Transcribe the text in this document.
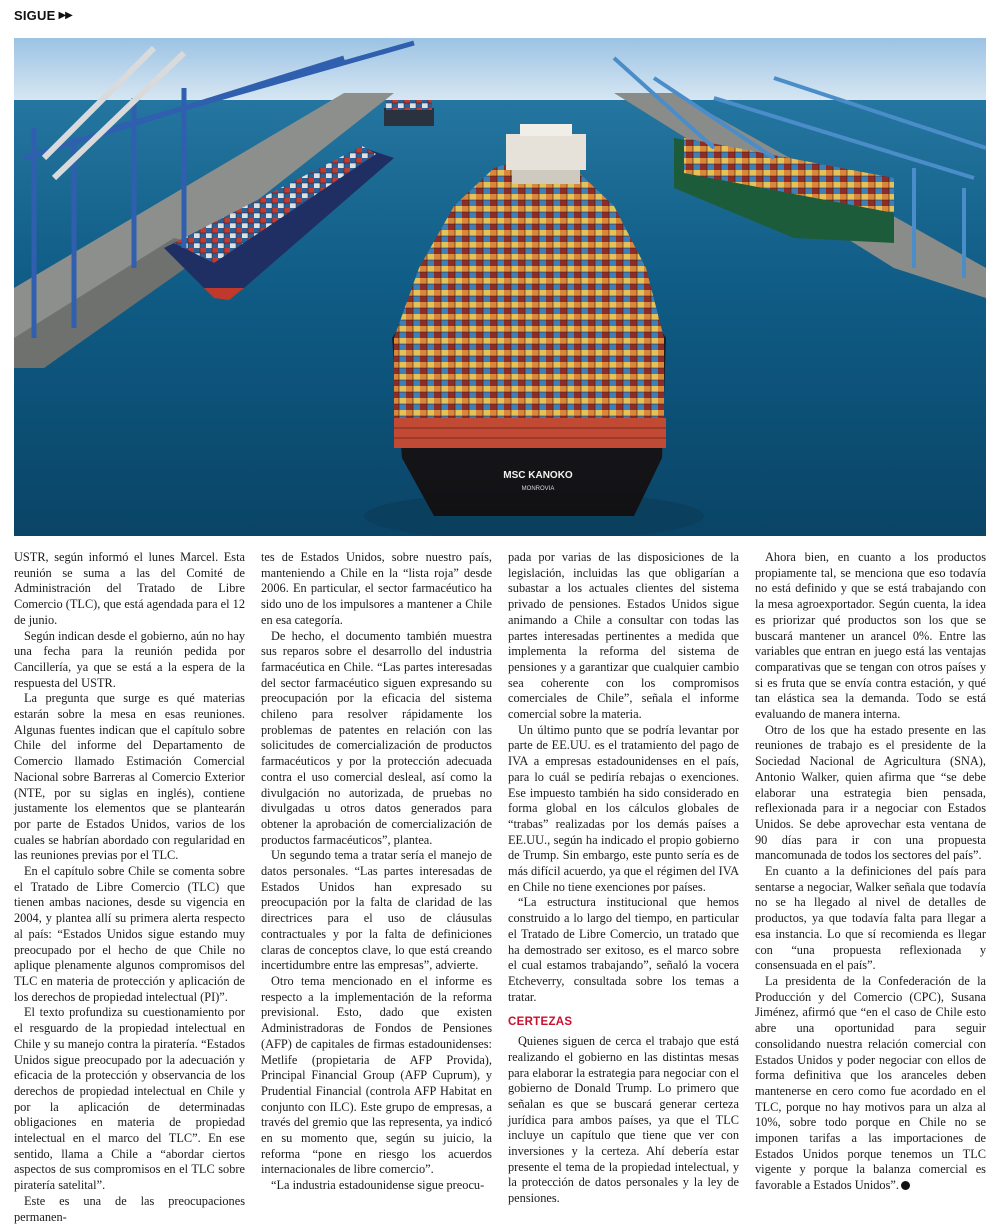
SIGUE ▶▶
MSC KANOKO
MONROVIA

USTR, según informó el lunes Marcel. Esta reunión se suma a las del Comité de Administración del Tratado de Libre Comercio (TLC), que está agendada para el 12 de junio.

Según indican desde el gobierno, aún no hay una fecha para la reunión pedida por Cancillería, ya que se está a la espera de la respuesta del USTR.

La pregunta que surge es qué materias estarán sobre la mesa en esas reuniones. Algunas fuentes indican que el capítulo sobre Chile del informe del Departamento de Comercio llamado Estimación Comercial Nacional sobre Barreras al Comercio Exterior (NTE, por su siglas en inglés), contiene justamente los elementos que se plantearán por parte de Estados Unidos, varios de los cuales se habrían abordado con regularidad en las reuniones previas por el TLC.

En el capítulo sobre Chile se comenta sobre el Tratado de Libre Comercio (TLC) que tienen ambas naciones, desde su vigencia en 2004, y plantea allí su primera alerta respecto al país: “Estados Unidos sigue estando muy preocupado por el hecho de que Chile no aplique plenamente algunos compromisos del TLC en materia de protección y aplicación de los derechos de propiedad intelectual (PI)”.

El texto profundiza su cuestionamiento por el resguardo de la propiedad intelectual en Chile y su manejo contra la piratería. “Estados Unidos sigue preocupado por la adecuación y eficacia de la protección y observancia de los derechos de propiedad intelectual en Chile y por la aplicación de determinadas obligaciones en materia de propiedad intelectual en el marco del TLC”. En ese sentido, llama a Chile a “abordar ciertos aspectos de sus compromisos en el TLC sobre piratería satelital”.

Este es una de las preocupaciones permanen-

tes de Estados Unidos, sobre nuestro país, manteniendo a Chile en la “lista roja” desde 2006. En particular, el sector farmacéutico ha sido uno de los impulsores a mantener a Chile en esa categoría.

De hecho, el documento también muestra sus reparos sobre el desarrollo del industria farmacéutica en Chile. “Las partes interesadas del sector farmacéutico siguen expresando su preocupación por la eficacia del sistema chileno para resolver rápidamente los problemas de patentes en relación con las solicitudes de comercialización de productos farmacéuticos y por la protección adecuada contra el uso comercial desleal, así como la divulgación no autorizada, de pruebas no divulgadas u otros datos generados para obtener la aprobación de comercialización de productos farmacéuticos”, plantea.

Un segundo tema a tratar sería el manejo de datos personales. “Las partes interesadas de Estados Unidos han expresado su preocupación por la falta de claridad de las directrices para el uso de cláusulas contractuales y por la falta de definiciones claras de conceptos clave, lo que está creando incertidumbre entre las empresas”, advierte.

Otro tema mencionado en el informe es respecto a la implementación de la reforma previsional. Esto, dado que existen Administradoras de Fondos de Pensiones (AFP) de capitales de firmas estadounidenses: Metlife (propietaria de AFP Provida), Principal Financial Group (AFP Cuprum), y Prudential Financial (controla AFP Habitat en conjunto con ILC). Este grupo de empresas, a través del gremio que las representa, ya indicó en su momento que, según su juicio, la reforma “pone en riesgo los acuerdos internacionales de libre comercio”.

“La industria estadounidense sigue preocu-

pada por varias de las disposiciones de la legislación, incluidas las que obligarían a subastar a los actuales clientes del sistema privado de pensiones. Estados Unidos sigue animando a Chile a consultar con todas las partes interesadas pertinentes a medida que implementa la reforma del sistema de pensiones y a garantizar que cualquier cambio sea coherente con los compromisos comerciales de Chile”, señala el informe comercial sobre la materia.

Un último punto que se podría levantar por parte de EE.UU. es el tratamiento del pago de IVA a empresas estadounidenses en el país, para lo cuál se pediría rebajas o exenciones. Ese impuesto también ha sido considerado en forma global en los cálculos globales de “trabas” realizadas por los demás países a EE.UU., según ha indicado el propio gobierno de Trump. Sin embargo, este punto sería es de más difícil acuerdo, ya que el régimen del IVA en Chile no tiene exenciones por países.

“La estructura institucional que hemos construido a lo largo del tiempo, en particular el Tratado de Libre Comercio, un tratado que ha demostrado ser exitoso, es el marco sobre el cual estamos trabajando”, señaló la vocera Etcheverry, consultada sobre los temas a tratar.

CERTEZAS

Quienes siguen de cerca el trabajo que está realizando el gobierno en las distintas mesas para elaborar la estrategia para negociar con el gobierno de Donald Trump. Lo primero que señalan es que se buscará generar certeza jurídica para ambos países, ya que el TLC incluye un capítulo que tiene que ver con inversiones y la certeza. Ahí debería estar presente el tema de la propiedad intelectual, y la protección de datos personales y la ley de pensiones.

Ahora bien, en cuanto a los productos propiamente tal, se menciona que eso todavía no está definido y que se está trabajando con la mesa agroexportador. Según cuenta, la idea es priorizar qué productos son los que se buscará mantener un arancel 0%. Entre las variables que entran en juego está las ventajas comparativas que se tengan con otros países y si es fruta que se envía contra estación, y qué tan elástica sea la demanda. Todo se está evaluando de manera interna.

Otro de los que ha estado presente en las reuniones de trabajo es el presidente de la Sociedad Nacional de Agricultura (SNA), Antonio Walker, quien afirma que “se debe elaborar una estrategia bien pensada, reflexionada para ir a negociar con Estados Unidos. Se debe aprovechar esta ventana de 90 días para ir con una propuesta mancomunada de todos los sectores del país”.

En cuanto a la definiciones del país para sentarse a negociar, Walker señala que todavía no se ha llegado al nivel de detalles de productos, ya que todavía falta para llegar a esa instancia. Lo que sí recomienda es llegar con “una propuesta reflexionada y consensuada en el país”.

La presidenta de la Confederación de la Producción y del Comercio (CPC), Susana Jiménez, afirmó que “en el caso de Chile esto abre una oportunidad para seguir consolidando nuestra relación comercial con Estados Unidos y poder negociar con ellos de forma definitiva que los aranceles deben mantenerse en cero como fue acordado en el TLC, porque no hay motivos para un alza al 10%, sobre todo porque en Chile no se imponen tarifas a las importaciones de Estados Unidos porque tenemos un TLC vigente y porque la balanza comercial es favorable a Estados Unidos”.
